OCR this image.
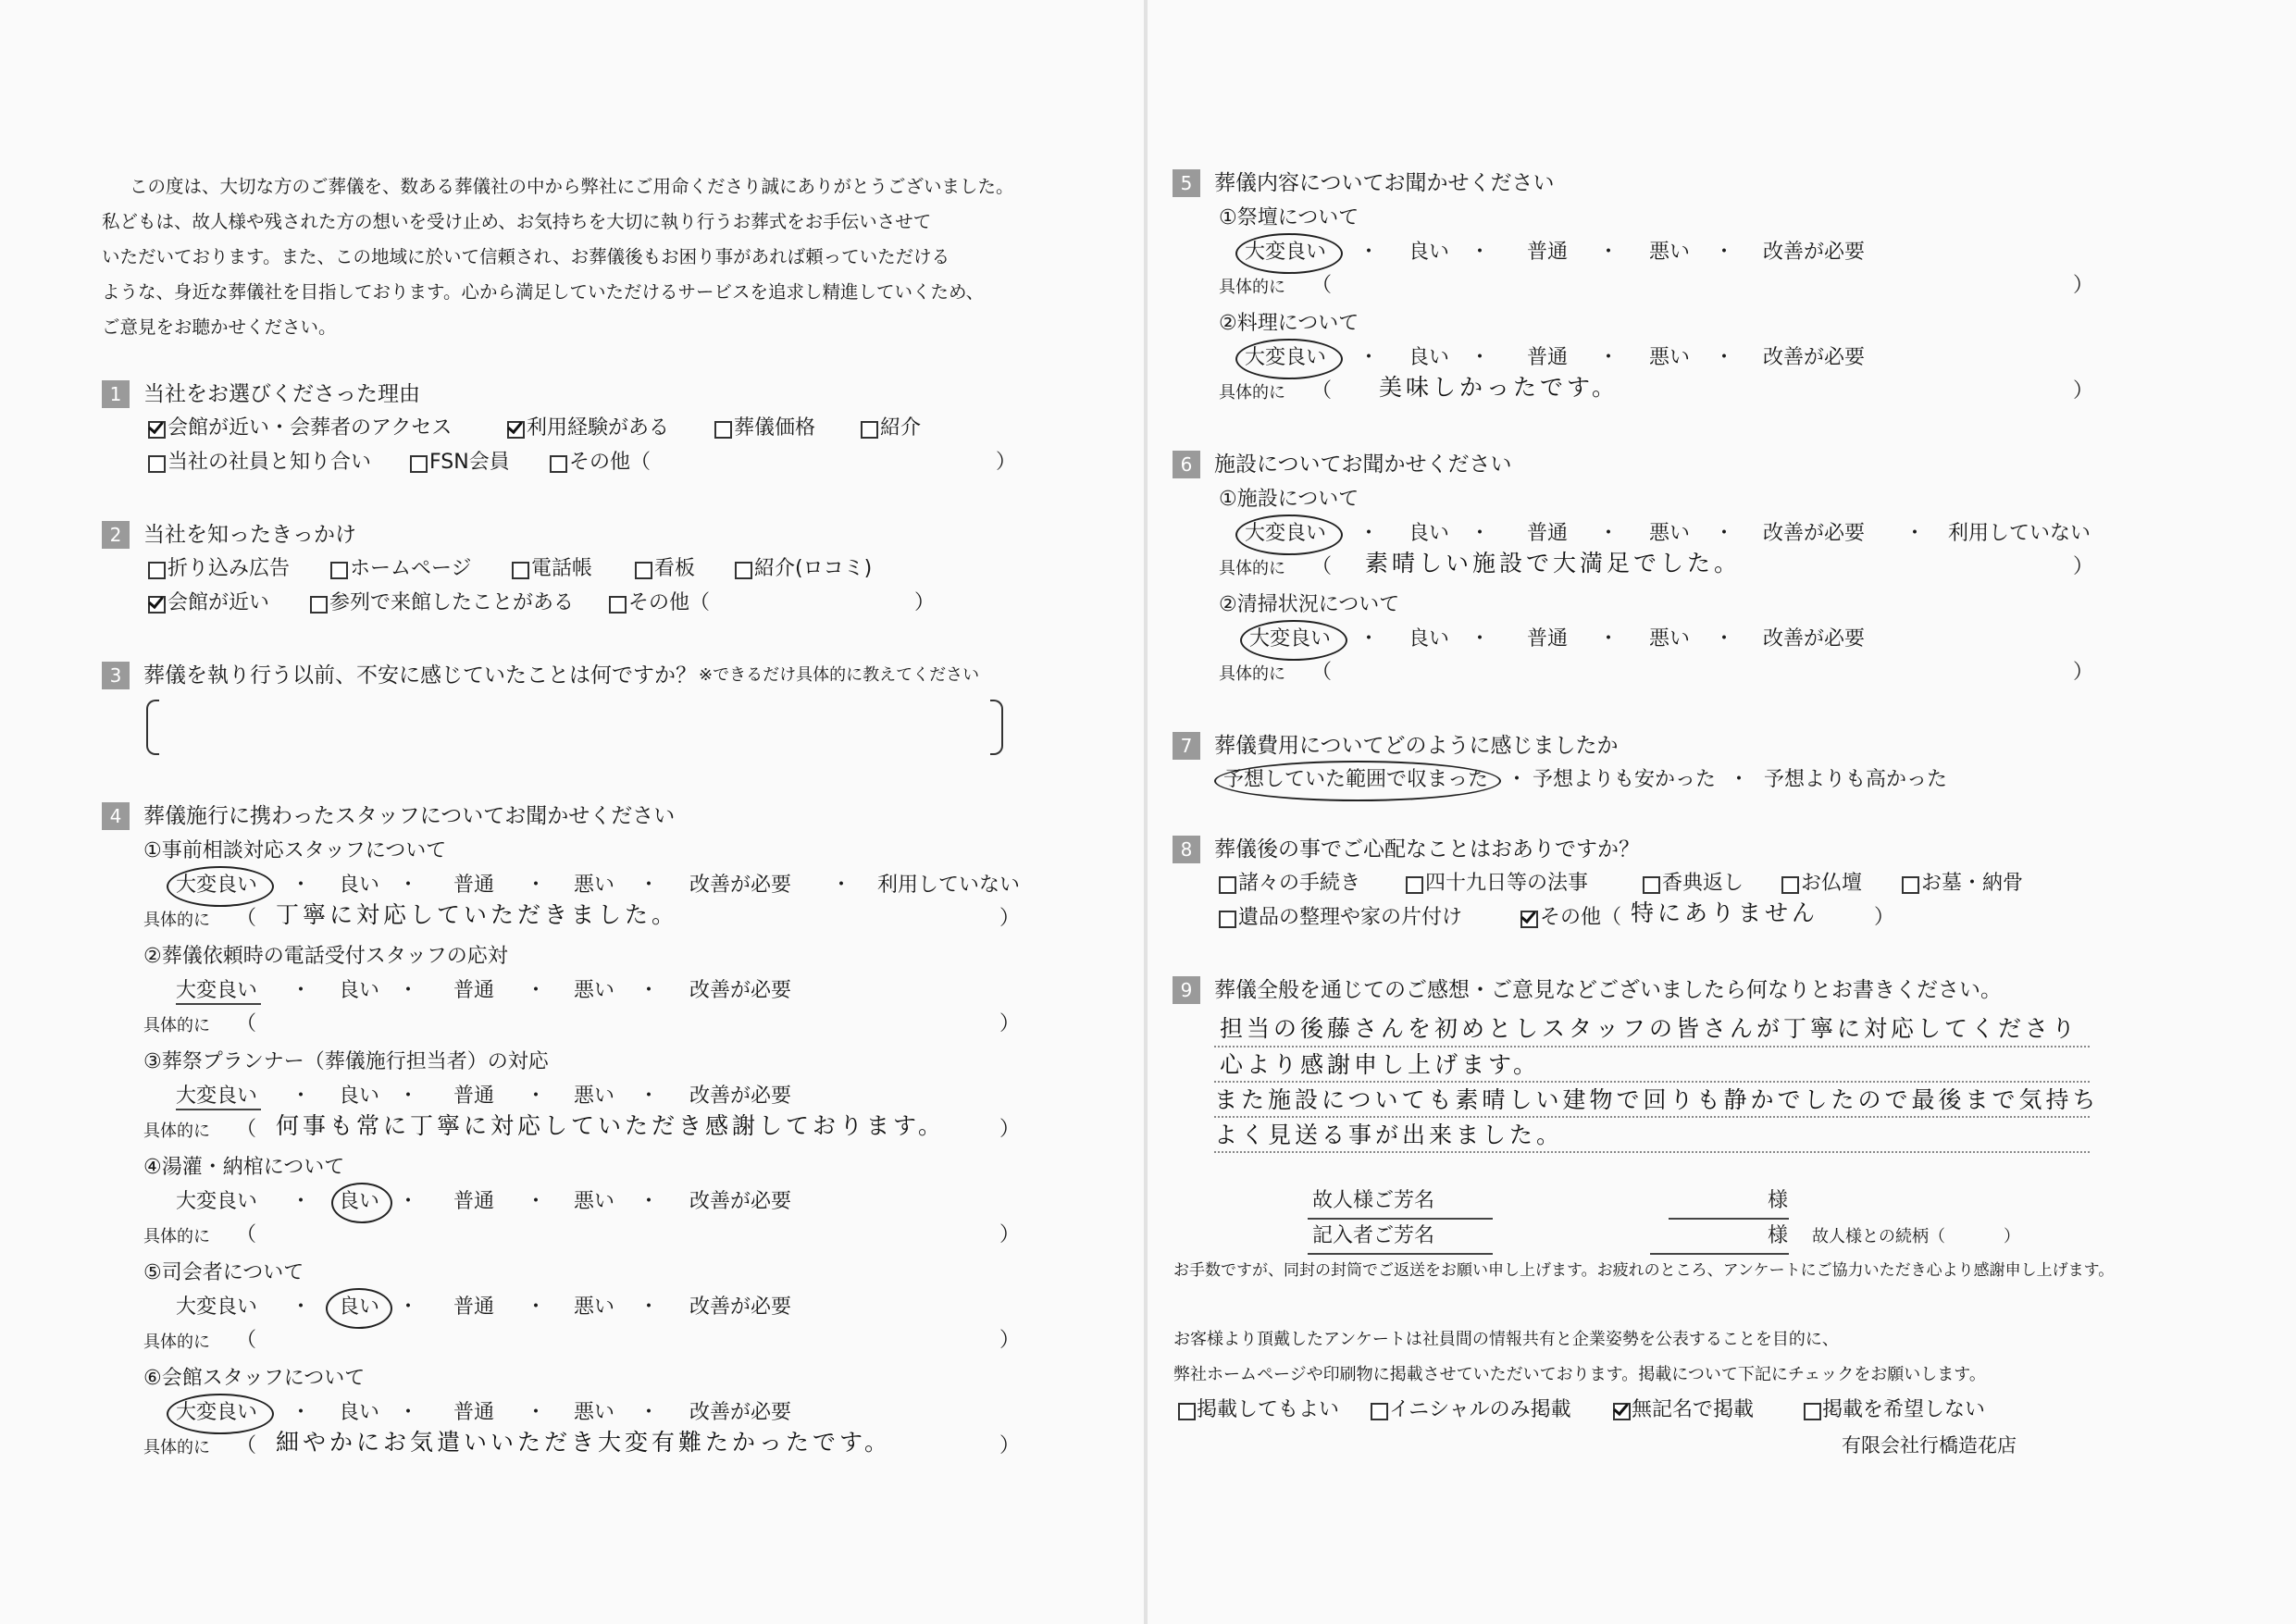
この度は、大切な方のご葬儀を、数ある葬儀社の中から弊社にご用命くださり誠にありがとうございました。
私どもは、故人様や残された方の想いを受け止め、お気持ちを大切に執り行うお葬式をお手伝いさせて
いただいております。また、この地域に於いて信頼され、お葬儀後もお困り事があれば頼っていただける
ような、身近な葬儀社を目指しております。心から満足していただけるサービスを追求し精進していくため、
ご意見をお聴かせください。
1	当社をお選びくださった理由
会館が近い・会葬者のアクセス	利用経験がある	葬儀価格	紹介
当社の社員と知り合い	FSN会員	その他（	）
2	当社を知ったきっかけ
折り込み広告	ホームページ	電話帳	看板	紹介(ロコミ)
会館が近い	参列で来館したことがある	その他（	）
3	葬儀を執り行う以前、不安に感じていたことは何ですか？ ※できるだけ具体的に教えてください
4	葬儀施行に携わったスタッフについてお聞かせください
①事前相談対応スタッフについて
大変良い ・ 良い ・ 普通 ・ 悪い ・ 改善が必要 ・ 利用していない
具体的に （ 丁寧に対応していただきました。	）
②葬儀依頼時の電話受付スタッフの応対
大変良い ・ 良い ・ 普通 ・ 悪い ・ 改善が必要
具体的に （	）
③葬祭プランナー（葬儀施行担当者）の対応
大変良い ・ 良い ・ 普通 ・ 悪い ・ 改善が必要
具体的に （ 何事も常に丁寧に対応していただき感謝しております。	）
④湯灌・納棺について
大変良い ・ 良い ・ 普通 ・ 悪い ・ 改善が必要
具体的に （	）
⑤司会者について
大変良い ・ 良い ・ 普通 ・ 悪い ・ 改善が必要
具体的に （	）
⑥会館スタッフについて
大変良い ・ 良い ・ 普通 ・ 悪い ・ 改善が必要
具体的に （ 細やかにお気遣いいただき大変有難たかったです。	）
5	葬儀内容についてお聞かせください
①祭壇について
大変良い ・ 良い ・ 普通 ・ 悪い ・ 改善が必要
具体的に （	）
②料理について
大変良い ・ 良い ・ 普通 ・ 悪い ・ 改善が必要
具体的に （ 美味しかったです。	）
6	施設についてお聞かせください
①施設について
大変良い ・ 良い ・ 普通 ・ 悪い ・ 改善が必要 ・ 利用していない
具体的に （ 素晴しい施設で大満足でした。	）
②清掃状況について
大変良い ・ 良い ・ 普通 ・ 悪い ・ 改善が必要
具体的に （	）
7	葬儀費用についてどのように感じましたか
予想していた範囲で収まった ・ 予想よりも安かった ・ 予想よりも高かった
8	葬儀後の事でご心配なことはおありですか？
諸々の手続き	四十九日等の法事	香典返し	お仏壇	お墓・納骨
遺品の整理や家の片付け	その他（ 特にありません	）
9	葬儀全般を通じてのご感想・ご意見などございましたら何なりとお書きください。
担当の後藤さんを初めとしスタッフの皆さんが丁寧に対応してくださり
心より感謝申し上げます。
また施設についても素晴しい建物で回りも静かでしたので最後まで気持ち
よく見送る事が出来ました。
故人様ご芳名	様
記入者ご芳名	様 故人様との続柄（	）
お手数ですが、同封の封筒でご返送をお願い申し上げます。お疲れのところ、アンケートにご協力いただき心より感謝申し上げます。
お客様より頂戴したアンケートは社員間の情報共有と企業姿勢を公表することを目的に、
弊社ホームページや印刷物に掲載させていただいております。掲載について下記にチェックをお願いします。
掲載してもよい イニシャルのみ掲載	無記名で掲載	掲載を希望しない
有限会社行橋造花店
